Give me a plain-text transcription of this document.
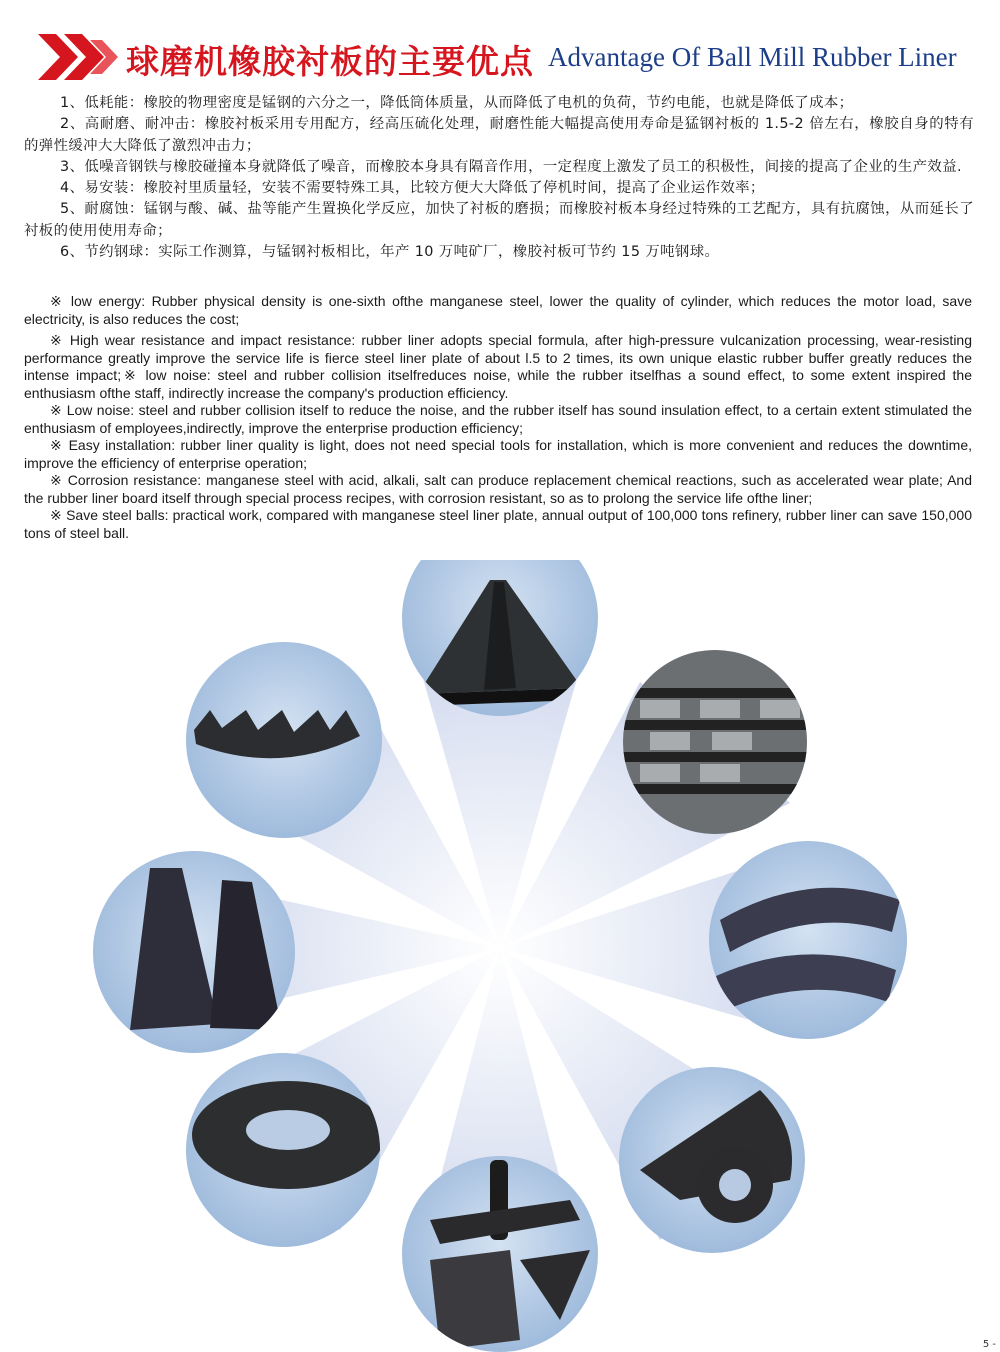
球磨机橡胶衬板的主要优点 Advantage Of Ball Mill Rubber Liner

1、低耗能：橡胶的物理密度是锰钢的六分之一，降低筒体质量，从而降低了电机的负荷，节约电能，也就是降低了成本；

2、高耐磨、耐冲击：橡胶衬板采用专用配方，经高压硫化处理，耐磨性能大幅提高使用寿命是猛钢衬板的 1.5-2 倍左右，橡胶自身的特有的弹性缓冲大大降低了激烈冲击力；

3、低噪音钢铁与橡胶碰撞本身就降低了噪音，而橡胶本身具有隔音作用，一定程度上激发了员工的积极性，间接的提高了企业的生产效益.

4、易安装：橡胶衬里质量轻，安装不需要特殊工具，比较方便大大降低了停机时间，提高了企业运作效率；

5、耐腐蚀：锰钢与酸、碱、盐等能产生置换化学反应，加快了衬板的磨损；而橡胶衬板本身经过特殊的工艺配方，具有抗腐蚀，从而延长了衬板的使用使用寿命；

6、节约钢球：实际工作测算，与锰钢衬板相比，年产 10 万吨矿厂，橡胶衬板可节约 15 万吨钢球。

※ low energy: Rubber physical density is one-sixth ofthe manganese steel, lower the quality of cylinder, which reduces the motor load, save electricity, is also reduces the cost;

※ High wear resistance and impact resistance: rubber liner adopts special formula, after high-pressure vulcanization processing, wear-resisting performance greatly improve the service life is fierce steel liner plate of about l.5 to 2 times, its own unique elastic rubber buffer greatly reduces the intense impact;※ low noise: steel and rubber collision itselfreduces noise, while the rubber itselfhas a sound effect, to some extent inspired the enthusiasm ofthe staff, indirectly increase the company's production efficiency.

※ Low noise: steel and rubber collision itself to reduce the noise, and the rubber itself has sound insulation effect, to a certain extent stimulated the enthusiasm of employees,indirectly, improve the enterprise production efficiency;

※ Easy installation: rubber liner quality is light, does not need special tools for installation, which is more convenient and reduces the downtime, improve the efficiency of enterprise operation;

※ Corrosion resistance: manganese steel with acid, alkali, salt can produce replacement chemical reactions, such as accelerated wear plate; And the rubber liner board itself through special process recipes, with corrosion resistant, so as to prolong the service life ofthe liner;

※ Save steel balls: practical work, compared with manganese steel liner plate, annual output of 100,000 tons refinery, rubber liner can save 150,000 tons of steel ball.

5 -
